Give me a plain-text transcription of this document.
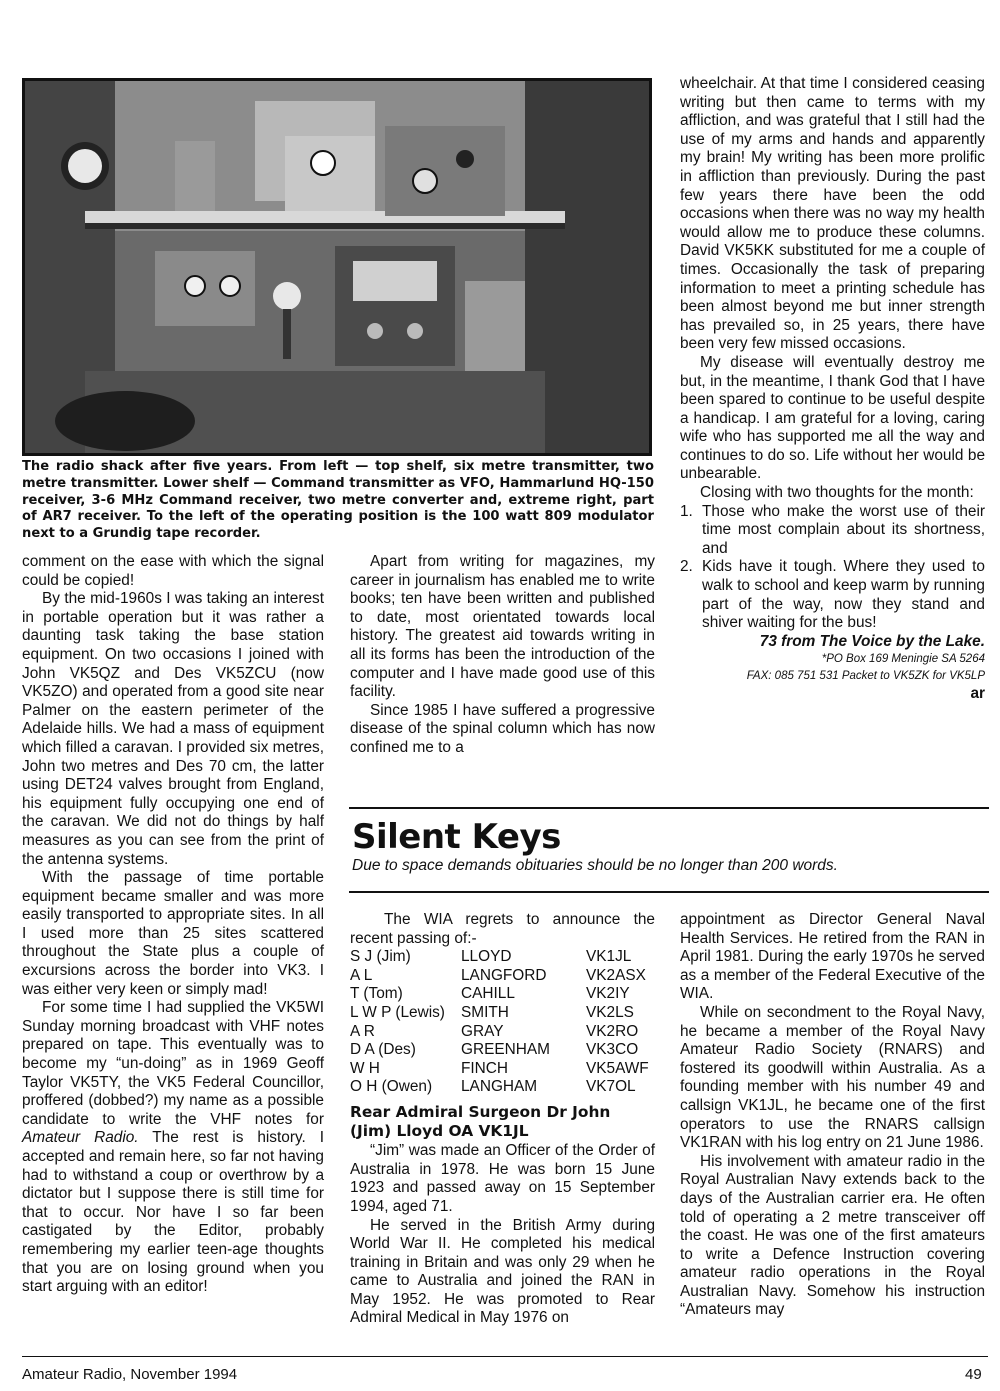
The radio shack after five years. From left — top shelf, six metre transmitter, two metre transmitter. Lower shelf — Command transmitter as VFO, Hammarlund HQ-150 receiver, 3-6 MHz Command receiver, two metre converter and, extreme right, part of AR7 receiver. To the left of the operating position is the 100 watt 809 modulator next to a Grundig tape recorder.

comment on the ease with which the signal could be copied!

By the mid-1960s I was taking an interest in portable operation but it was rather a daunting task taking the base station equipment. On two occasions I joined with John VK5QZ and Des VK5ZCU (now VK5ZO) and operated from a good site near Palmer on the eastern perimeter of the Adelaide hills. We had a mass of equipment which filled a caravan. I provided six metres, John two metres and Des 70 cm, the latter using DET24 valves brought from England, his equipment fully occupying one end of the caravan. We did not do things by half measures as you can see from the print of the antenna systems.

With the passage of time portable equipment became smaller and was more easily transported to appropriate sites. In all I used more than 25 sites scattered throughout the State plus a couple of excursions across the border into VK3. I was either very keen or simply mad!

For some time I had supplied the VK5WI Sunday morning broadcast with VHF notes prepared on tape. This eventually was to become my “un-doing” as in 1969 Geoff Taylor VK5TY, the VK5 Federal Councillor, proffered (dobbed?) my name as a possible candidate to write the VHF notes for Amateur Radio. The rest is history. I accepted and remain here, so far not having had to withstand a coup or overthrow by a dictator but I suppose there is still time for that to occur. Nor have I so far been castigated by the Editor, probably remembering my earlier teen-age thoughts that you are on losing ground when you start arguing with an editor!

Apart from writing for magazines, my career in journalism has enabled me to write books; ten have been written and published to date, most orientated towards local history. The greatest aid towards writing in all its forms has been the introduction of the computer and I have made good use of this facility.

Since 1985 I have suffered a progressive disease of the spinal column which has now confined me to a

wheelchair. At that time I considered ceasing writing but then came to terms with my affliction, and was grateful that I still had the use of my arms and hands and apparently my brain! My writing has been more prolific in affliction than previously. During the past few years there have been the odd occasions when there was no way my health would allow me to produce these columns. David VK5KK substituted for me a couple of times. Occasionally the task of preparing information to meet a printing schedule has been almost beyond me but inner strength has prevailed so, in 25 years, there have been very few missed occasions.

My disease will eventually destroy me but, in the meantime, I thank God that I have been spared to continue to be useful despite a handicap. I am grateful for a loving, caring wife who has supported me all the way and continues to do so. Life without her would be unbearable.

Closing with two thoughts for the month:

1. Those who make the worst use of their time most complain about its shortness, and
2. Kids have it tough. Where they used to walk to school and keep warm by running part of the way, now they stand and shiver waiting for the bus!

73 from The Voice by the Lake.

*PO Box 169 Meningie SA 5264

FAX: 085 751 531 Packet to VK5ZK for VK5LP

ar

Silent Keys
Due to space demands obituaries should be no longer than 200 words.

The WIA regrets to announce the recent passing of:-

S J (Jim)	LLOYD	VK1JL
A L	LANGFORD	VK2ASX
T (Tom)	CAHILL	VK2IY
L W P (Lewis)	SMITH	VK2LS
A R	GRAY	VK2RO
D A (Des)	GREENHAM	VK3CO
W H	FINCH	VK5AWF
O H (Owen)	LANGHAM	VK7OL

Rear Admiral Surgeon Dr John (Jim) Lloyd OA VK1JL

“Jim” was made an Officer of the Order of Australia in 1978. He was born 15 June 1923 and passed away on 15 September 1994, aged 71.

He served in the British Army during World War II. He completed his medical training in Britain and was only 29 when he came to Australia and joined the RAN in May 1952. He was promoted to Rear Admiral Medical in May 1976 on

appointment as Director General Naval Health Services. He retired from the RAN in April 1981. During the early 1970s he served as a member of the Federal Executive of the WIA.

While on secondment to the Royal Navy, he became a member of the Royal Navy Amateur Radio Society (RNARS) and fostered its goodwill within Australia. As a founding member with his number 49 and callsign VK1JL, he became one of the first operators to use the RNARS callsign VK1RAN with his log entry on 21 June 1986.

His involvement with amateur radio in the Royal Australian Navy extends back to the days of the Australian carrier era. He often told of operating a 2 metre transceiver off the coast. He was one of the first amateurs to write a Defence Instruction covering amateur radio operations in the Royal Australian Navy. Somehow his instruction “Amateurs may

Amateur Radio, November 1994	49
